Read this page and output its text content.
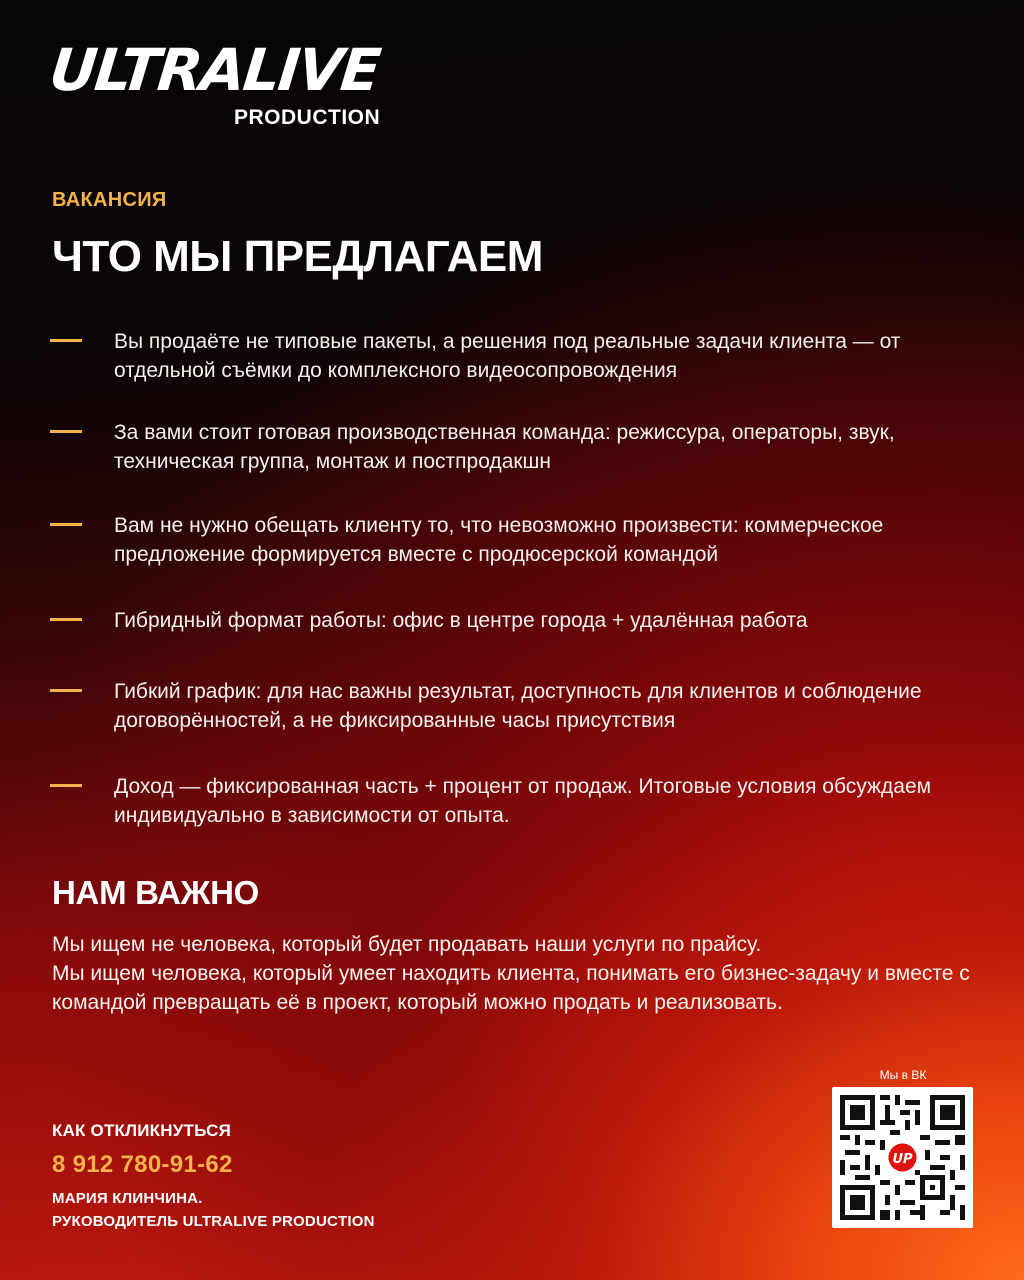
ULTRALIVE
PRODUCTION
ВАКАНСИЯ
ЧТО МЫ ПРЕДЛАГАЕМ
Вы продаёте не типовые пакеты, а решения под реальные задачи клиента — от отдельной съёмки до комплексного видеосопровождения
За вами стоит готовая производственная команда: режиссура, операторы, звук, техническая группа, монтаж и постпродакшн
Вам не нужно обещать клиенту то, что невозможно произвести: коммерческое предложение формируется вместе с продюсерской командой
Гибридный формат работы: офис в центре города + удалённая работа
Гибкий график: для нас важны результат, доступность для клиентов и соблюдение договорённостей, а не фиксированные часы присутствия
Доход — фиксированная часть + процент от продаж. Итоговые условия обсуждаем индивидуально в зависимости от опыта.
НАМ ВАЖНО

Мы ищем не человека, который будет продавать наши услуги по прайсу.

Мы ищем человека, который умеет находить клиента, понимать его бизнес-задачу и вместе с командой превращать её в проект, который можно продать и реализовать.

КАК ОТКЛИКНУТЬСЯ
8 912 780-91-62
МАРИЯ КЛИНЧИНА.
РУКОВОДИТЕЛЬ ULTRALIVE PRODUCTION
Мы в ВК
UP
